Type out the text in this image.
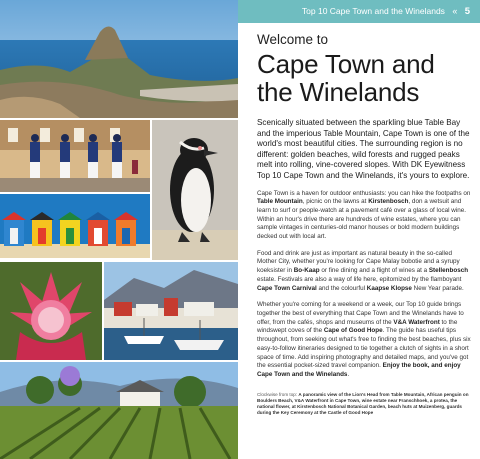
Top 10 Cape Town and the Winelands « 5
Welcome to
Cape Town and the Winelands

Scenically situated between the sparkling blue Table Bay and the imperious Table Mountain, Cape Town is one of the world's most beautiful cities. The surrounding region is no different: golden beaches, wild forests and rugged peaks melt into rolling, vine-covered slopes. With DK Eyewitness Top 10 Cape Town and the Winelands, it's yours to explore.

Cape Town is a haven for outdoor enthusiasts: you can hike the footpaths on Table Mountain, picnic on the lawns at Kirstenbosch, don a wetsuit and learn to surf or people-watch at a pavement café over a glass of local wine. Within an hour's drive there are hundreds of wine estates, where you can sample vintages in centuries-old manor houses or bold modern buildings decked out with local art.

Food and drink are just as important as natural beauty in the so-called Mother City, whether you're looking for Cape Malay bobotie and a syrupy koeksister in Bo-Kaap or fine dining and a flight of wines at a Stellenbosch estate. Festivals are also a way of life here, epitomized by the flamboyant Cape Town Carnival and the colourful Kaapse Klopse New Year parade.

Whether you're coming for a weekend or a week, our Top 10 guide brings together the best of everything that Cape Town and the Winelands have to offer, from the cafés, shops and museums of the V&A Waterfront to the windswept coves of the Cape of Good Hope. The guide has useful tips throughout, from seeking out what's free to finding the best beaches, plus six easy-to-follow itineraries designed to tie together a clutch of sights in a short space of time. Add inspiring photography and detailed maps, and you've got the essential pocket-sized travel companion. Enjoy the book, and enjoy Cape Town and the Winelands.

Clockwise from top: A panoramic view of the Lion's Head from Table Mountain, African penguin on Boulders Beach, V&A Waterfront in Cape Town, wine estate near Franschhoek, a protea, the national flower, at Kirstenbosch National Botanical Garden, beach huts at Muizenberg, guards during the Key Ceremony at the Castle of Good Hope
